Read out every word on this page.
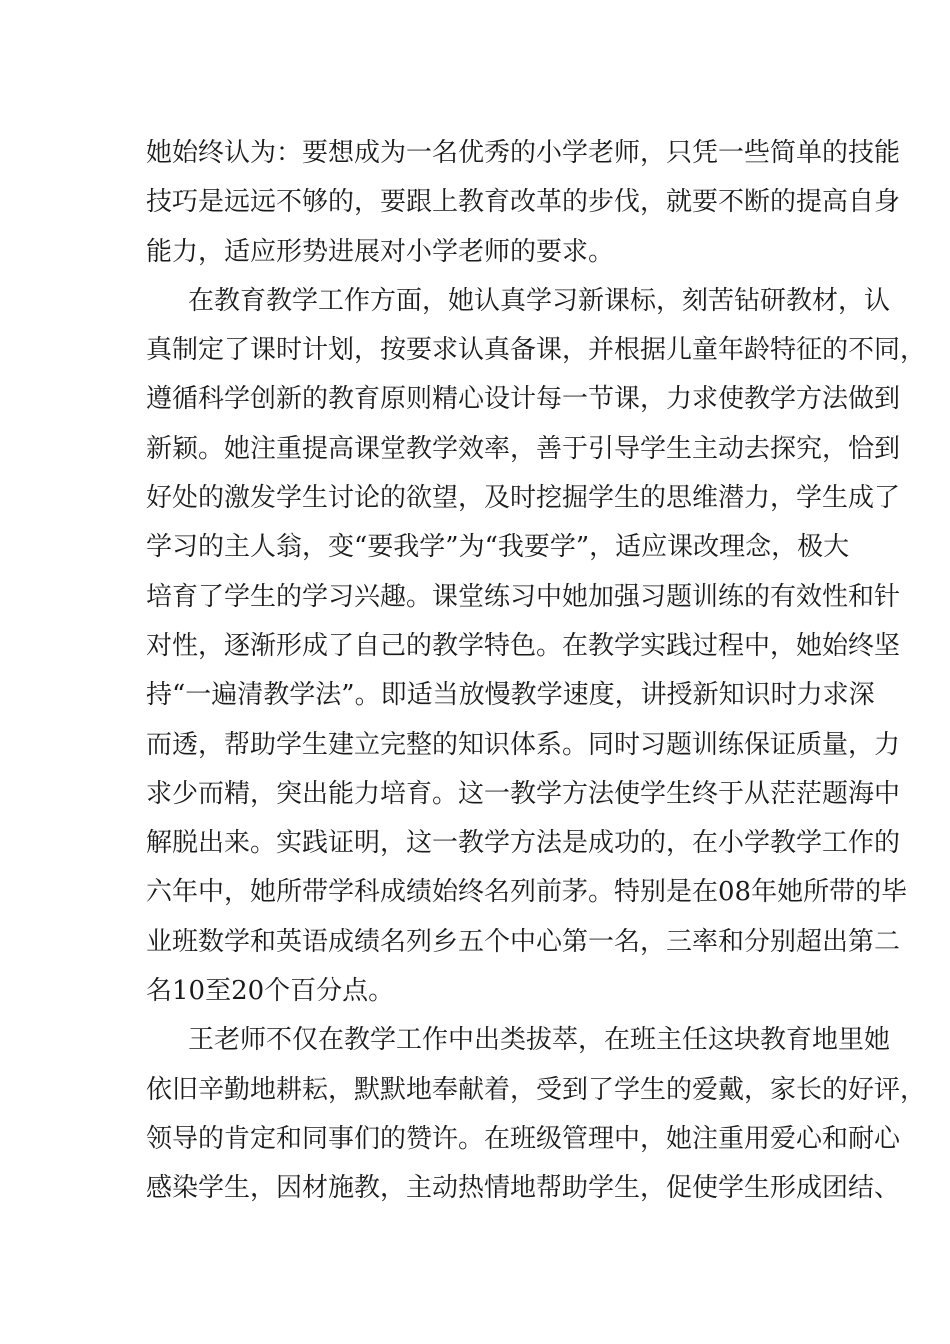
她始终认为：要想成为一名优秀的小学老师，只凭一些简单的技能
技巧是远远不够的，要跟上教育改革的步伐，就要不断的提高自身
能力，适应形势进展对小学老师的要求。
在教育教学工作方面，她认真学习新课标，刻苦钻研教材，认
真制定了课时计划，按要求认真备课，并根据儿童年龄特征的不同，
遵循科学创新的教育原则精心设计每一节课，力求使教学方法做到
新颖。她注重提高课堂教学效率，善于引导学生主动去探究，恰到
好处的激发学生讨论的欲望，及时挖掘学生的思维潜力，学生成了
学习的主人翁，变“要我学”为“我要学”，适应课改理念，极大
培育了学生的学习兴趣。课堂练习中她加强习题训练的有效性和针
对性，逐渐形成了自己的教学特色。在教学实践过程中，她始终坚
持“一遍清教学法”。即适当放慢教学速度，讲授新知识时力求深
而透，帮助学生建立完整的知识体系。同时习题训练保证质量，力
求少而精，突出能力培育。这一教学方法使学生终于从茫茫题海中
解脱出来。实践证明，这一教学方法是成功的，在小学教学工作的
六年中，她所带学科成绩始终名列前茅。特别是在08年她所带的毕
业班数学和英语成绩名列乡五个中心第一名，三率和分别超出第二
名10至20个百分点。
王老师不仅在教学工作中出类拔萃，在班主任这块教育地里她
依旧辛勤地耕耘，默默地奉献着，受到了学生的爱戴，家长的好评，
领导的肯定和同事们的赞许。在班级管理中，她注重用爱心和耐心
感染学生，因材施教，主动热情地帮助学生，促使学生形成团结、
